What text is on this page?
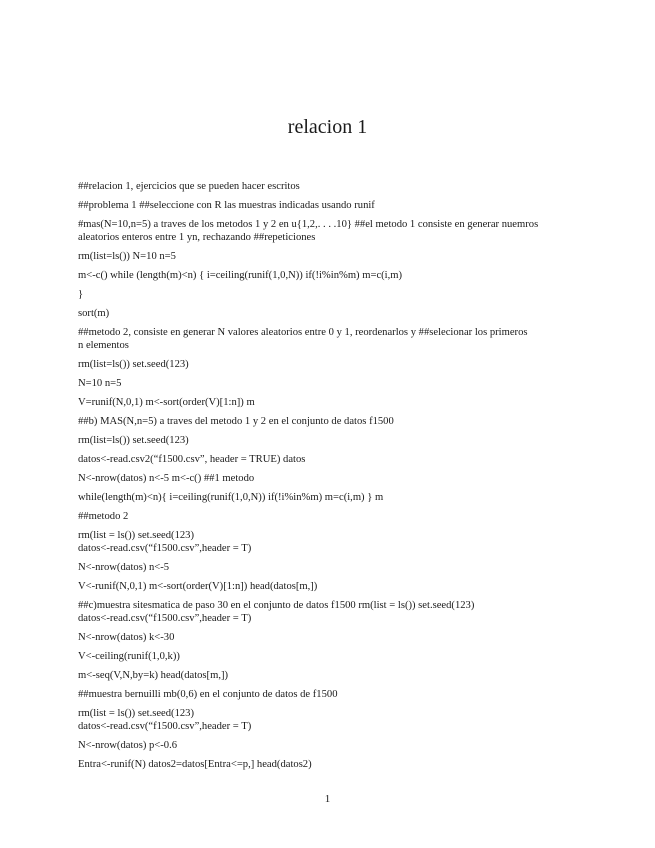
relacion 1
##relacion 1, ejercicios que se pueden hacer escritos
##problema 1 ##seleccione con R las muestras indicadas usando runif
#mas(N=10,n=5) a traves de los metodos 1 y 2 en u{1,2,. . . .10} ##el metodo 1 consiste en generar nuemros
aleatorios enteros entre 1 yn, rechazando ##repeticiones
rm(list=ls()) N=10 n=5
m<-c() while (length(m)<n) { i=ceiling(runif(1,0,N)) if(!i%in%m) m=c(i,m)
}
sort(m)
##metodo 2, consiste en generar N valores aleatorios entre 0 y 1, reordenarlos y ##selecionar los primeros
n elementos
rm(list=ls()) set.seed(123)
N=10 n=5
V=runif(N,0,1) m<-sort(order(V)[1:n]) m
##b) MAS(N,n=5) a traves del metodo 1 y 2 en el conjunto de datos f1500
rm(list=ls()) set.seed(123)
datos<-read.csv2(“f1500.csv”, header = TRUE) datos
N<-nrow(datos) n<-5 m<-c() ##1 metodo
while(length(m)<n){ i=ceiling(runif(1,0,N)) if(!i%in%m) m=c(i,m) } m
##metodo 2
rm(list = ls()) set.seed(123)
datos<-read.csv(“f1500.csv”,header = T)
N<-nrow(datos) n<-5
V<-runif(N,0,1) m<-sort(order(V)[1:n]) head(datos[m,])
##c)muestra sitesmatica de paso 30 en el conjunto de datos f1500 rm(list = ls()) set.seed(123)
datos<-read.csv(“f1500.csv”,header = T)
N<-nrow(datos) k<-30
V<-ceiling(runif(1,0,k))
m<-seq(V,N,by=k) head(datos[m,])
##muestra bernuilli mb(0,6) en el conjunto de datos de f1500
rm(list = ls()) set.seed(123)
datos<-read.csv(“f1500.csv”,header = T)
N<-nrow(datos) p<-0.6
Entra<-runif(N) datos2=datos[Entra<=p,] head(datos2)
1
